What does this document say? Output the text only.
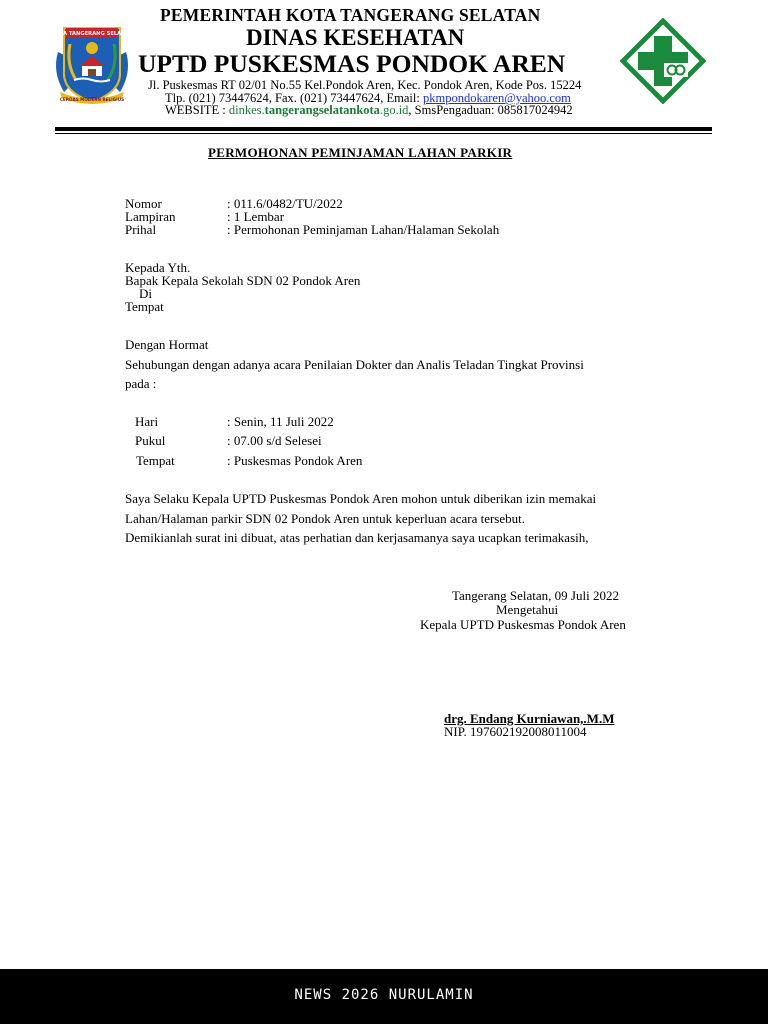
KOTA TANGERANG SELATAN
CERDAS MODERN RELIGIUS
PEMERINTAH KOTA TANGERANG SELATAN
DINAS KESEHATAN
UPTD PUSKESMAS PONDOK AREN
Jl. Puskesmas RT 02/01 No.55 Kel.Pondok Aren, Kec. Pondok Aren, Kode Pos. 15224
Tlp. (021) 73447624, Fax. (021) 73447624, Email: pkmpondokaren@yahoo.com
WEBSITE : dinkes.tangerangselatankota.go.id, SmsPengaduan: 085817024942
PERMOHONAN PEMINJAMAN LAHAN PARKIR
Nomor	: 011.6/0482/TU/2022
Lampiran	: 1 Lembar
Prihal	: Permohonan Peminjaman Lahan/Halaman Sekolah
Kepada Yth.
Bapak Kepala Sekolah SDN 02 Pondok Aren
Di
Tempat
Dengan Hormat
Sehubungan dengan adanya acara Penilaian Dokter dan Analis Teladan Tingkat Provinsi
pada :
Hari	: Senin, 11 Juli 2022
Pukul	: 07.00 s/d Selesei
Tempat	: Puskesmas Pondok Aren
Saya Selaku Kepala UPTD Puskesmas Pondok Aren mohon untuk diberikan izin memakai
Lahan/Halaman parkir SDN 02 Pondok Aren untuk keperluan acara tersebut.
Demikianlah surat ini dibuat, atas perhatian dan kerjasamanya saya ucapkan terimakasih,
Tangerang Selatan, 09 Juli 2022
Mengetahui
Kepala UPTD Puskesmas Pondok Aren
drg. Endang Kurniawan,.M.M
NIP. 197602192008011004
NEWS 2026 NURULAMIN
